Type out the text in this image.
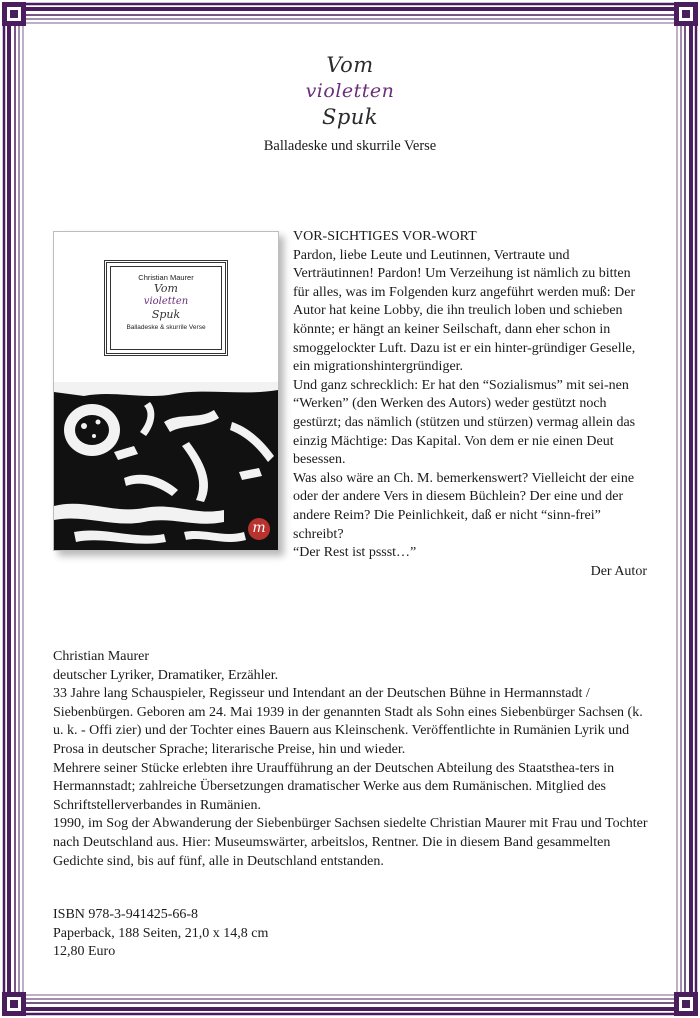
Vom
violetten
Spuk
Balladeske und skurrile Verse
Christian Maurer
Vom
violetten
Spuk
Balladeske & skurrile Verse
m

VOR-SICHTIGES VOR-WORT

Pardon, liebe Leute und Leutinnen, Vertraute und Verträutinnen! Pardon! Um Verzeihung ist nämlich zu bitten für alles, was im Folgenden kurz angeführt werden muß: Der Autor hat keine Lobby, die ihn treulich loben und schieben könnte; er hängt an keiner Seilschaft, dann eher schon in smoggelockter Luft. Dazu ist er ein hinter-gründiger Geselle, ein migrationshintergründiger.

Und ganz schrecklich: Er hat den “Sozialismus” mit sei-nen “Werken” (den Werken des Autors) weder gestützt noch gestürzt; das nämlich (stützen und stürzen) vermag allein das einzig Mächtige: Das Kapital. Von dem er nie einen Deut besessen.

Was also wäre an Ch. M. bemerkenswert? Vielleicht der eine oder der andere Vers in diesem Büchlein? Der eine und der andere Reim? Die Peinlichkeit, daß er nicht “sinn-frei” schreibt?

“Der Rest ist pssst…”

Der Autor

Christian Maurer

deutscher Lyriker, Dramatiker, Erzähler.

33 Jahre lang Schauspieler, Regisseur und Intendant an der Deutschen Bühne in Hermannstadt / Siebenbürgen. Geboren am 24. Mai 1939 in der genannten Stadt als Sohn eines Siebenbürger Sachsen (k. u. k. - Offi zier) und der Tochter eines Bauern aus Kleinschenk. Veröffentlichte in Rumänien Lyrik und Prosa in deutscher Sprache; literarische Preise, hin und wieder.

Mehrere seiner Stücke erlebten ihre Uraufführung an der Deutschen Abteilung des Staatsthea-ters in Hermannstadt; zahlreiche Übersetzungen dramatischer Werke aus dem Rumänischen. Mitglied des Schriftstellerverbandes in Rumänien.

1990, im Sog der Abwanderung der Siebenbürger Sachsen siedelte Christian Maurer mit Frau und Tochter nach Deutschland aus. Hier: Museumswärter, arbeitslos, Rentner. Die in diesem Band gesammelten Gedichte sind, bis auf fünf, alle in Deutschland entstanden.

ISBN 978-3-941425-66-8

Paperback, 188 Seiten, 21,0 x 14,8 cm

12,80 Euro
